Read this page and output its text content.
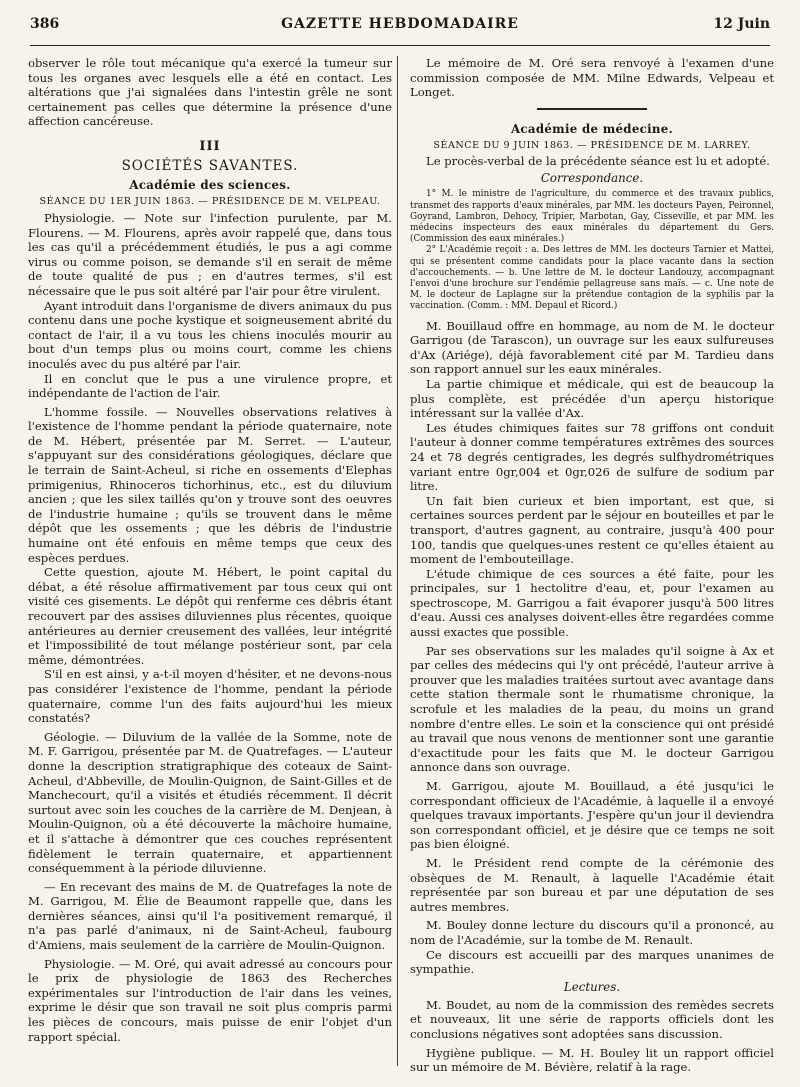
386	GAZETTE HEBDOMADAIRE	12 Juin

observer le rôle tout mécanique qu'a exercé la tumeur sur tous les organes avec lesquels elle a été en contact. Les altérations que j'ai signalées dans l'intestin grêle ne sont certainement pas celles que détermine la présence d'une affection cancéreuse.

III
SOCIÉTÉS SAVANTES.
Académie des sciences.
SÉANCE DU 1ER JUIN 1863. — PRÉSIDENCE DE M. VELPEAU.

Physiologie. — Note sur l'infection purulente, par M. Flourens. — M. Flourens, après avoir rappelé que, dans tous les cas qu'il a précédemment étudiés, le pus a agi comme virus ou comme poison, se demande s'il en serait de même de toute qualité de pus ; en d'autres termes, s'il est nécessaire que le pus soit altéré par l'air pour être virulent.

Ayant introduit dans l'organisme de divers animaux du pus contenu dans une poche kystique et soigneusement abrité du contact de l'air, il a vu tous les chiens inoculés mourir au bout d'un temps plus ou moins court, comme les chiens inoculés avec du pus altéré par l'air.

Il en conclut que le pus a une virulence propre, et indépendante de l'action de l'air.

L'homme fossile. — Nouvelles observations relatives à l'existence de l'homme pendant la période quaternaire, note de M. Hébert, présentée par M. Serret. — L'auteur, s'appuyant sur des considérations géologiques, déclare que le terrain de Saint-Acheul, si riche en ossements d'Elephas primigenius, Rhinoceros tichorhinus, etc., est du diluvium ancien ; que les silex taillés qu'on y trouve sont des oeuvres de l'industrie humaine ; qu'ils se trouvent dans le même dépôt que les ossements ; que les débris de l'industrie humaine ont été enfouis en même temps que ceux des espèces perdues.

Cette question, ajoute M. Hébert, le point capital du débat, a été résolue affirmativement par tous ceux qui ont visité ces gisements. Le dépôt qui renferme ces débris étant recouvert par des assises diluviennes plus récentes, quoique antérieures au dernier creusement des vallées, leur intégrité et l'impossibilité de tout mélange postérieur sont, par cela même, démontrées.

S'il en est ainsi, y a-t-il moyen d'hésiter, et ne devons-nous pas considérer l'existence de l'homme, pendant la période quaternaire, comme l'un des faits aujourd'hui les mieux constatés?

Géologie. — Diluvium de la vallée de la Somme, note de M. F. Garrigou, présentée par M. de Quatrefages. — L'auteur donne la description stratigraphique des coteaux de Saint-Acheul, d'Abbeville, de Moulin-Quignon, de Saint-Gilles et de Manchecourt, qu'il a visités et étudiés récemment. Il décrit surtout avec soin les couches de la carrière de M. Denjean, à Moulin-Quignon, où a été découverte la mâchoire humaine, et il s'attache à démontrer que ces couches représentent fidèlement le terrain quaternaire, et appartiennent conséquemment à la période diluvienne.

— En recevant des mains de M. de Quatrefages la note de M. Garrigou, M. Élie de Beaumont rappelle que, dans les dernières séances, ainsi qu'il l'a positivement remarqué, il n'a pas parlé d'animaux, ni de Saint-Acheul, faubourg d'Amiens, mais seulement de la carrière de Moulin-Quignon.

Physiologie. — M. Oré, qui avait adressé au concours pour le prix de physiologie de 1863 des Recherches expérimentales sur l'introduction de l'air dans les veines, exprime le désir que son travail ne soit plus compris parmi les pièces de concours, mais puisse de enir l'objet d'un rapport spécial.

Le mémoire de M. Oré sera renvoyé à l'examen d'une commission composée de MM. Milne Edwards, Velpeau et Longet.

Académie de médecine.
SÉANCE DU 9 JUIN 1863. — PRÉSIDENCE DE M. LARREY.

Le procès-verbal de la précédente séance est lu et adopté.

Correspondance.

1° M. le ministre de l'agriculture, du commerce et des travaux publics, transmet des rapports d'eaux minérales, par MM. les docteurs Payen, Peironnel, Goyrand, Lambron, Dehocy, Tripier, Marbotan, Gay, Cisseville, et par MM. les médecins inspecteurs des eaux minérales du département du Gers. (Commission des eaux minérales.)

2° L'Académie reçoit : a. Des lettres de MM. les docteurs Tarnier et Mattei, qui se présentent comme candidats pour la place vacante dans la section d'accouchements. — b. Une lettre de M. le docteur Landouzy, accompagnant l'envoi d'une brochure sur l'endémie pellagreuse sans maïs. — c. Une note de M. le docteur de Laplagne sur la prétendue contagion de la syphilis par la vaccination. (Comm. : MM. Depaul et Ricord.)

M. Bouillaud offre en hommage, au nom de M. le docteur Garrigou (de Tarascon), un ouvrage sur les eaux sulfureuses d'Ax (Ariége), déjà favorablement cité par M. Tardieu dans son rapport annuel sur les eaux minérales.

La partie chimique et médicale, qui est de beaucoup la plus complète, est précédée d'un aperçu historique intéressant sur la vallée d'Ax.

Les études chimiques faites sur 78 griffons ont conduit l'auteur à donner comme températures extrêmes des sources 24 et 78 degrés centigrades, les degrés sulfhydrométriques variant entre 0gr,004 et 0gr,026 de sulfure de sodium par litre.

Un fait bien curieux et bien important, est que, si certaines sources perdent par le séjour en bouteilles et par le transport, d'autres gagnent, au contraire, jusqu'à 400 pour 100, tandis que quelques-unes restent ce qu'elles étaient au moment de l'embouteillage.

L'étude chimique de ces sources a été faite, pour les principales, sur 1 hectolitre d'eau, et, pour l'examen au spectroscope, M. Garrigou a fait évaporer jusqu'à 500 litres d'eau. Aussi ces analyses doivent-elles être regardées comme aussi exactes que possible.

Par ses observations sur les malades qu'il soigne à Ax et par celles des médecins qui l'y ont précédé, l'auteur arrive à prouver que les maladies traitées surtout avec avantage dans cette station thermale sont le rhumatisme chronique, la scrofule et les maladies de la peau, du moins un grand nombre d'entre elles. Le soin et la conscience qui ont présidé au travail que nous venons de mentionner sont une garantie d'exactitude pour les faits que M. le docteur Garrigou annonce dans son ouvrage.

M. Garrigou, ajoute M. Bouillaud, a été jusqu'ici le correspondant officieux de l'Académie, à laquelle il a envoyé quelques travaux importants. J'espère qu'un jour il deviendra son correspondant officiel, et je désire que ce temps ne soit pas bien éloigné.

M. le Président rend compte de la cérémonie des obsèques de M. Renault, à laquelle l'Académie était représentée par son bureau et par une députation de ses autres membres.

M. Bouley donne lecture du discours qu'il a prononcé, au nom de l'Académie, sur la tombe de M. Renault.

Ce discours est accueilli par des marques unanimes de sympathie.

Lectures.

M. Boudet, au nom de la commission des remèdes secrets et nouveaux, lit une série de rapports officiels dont les conclusions négatives sont adoptées sans discussion.

Hygiène publique. — M. H. Bouley lit un rapport officiel sur un mémoire de M. Bévière, relatif à la rage.
